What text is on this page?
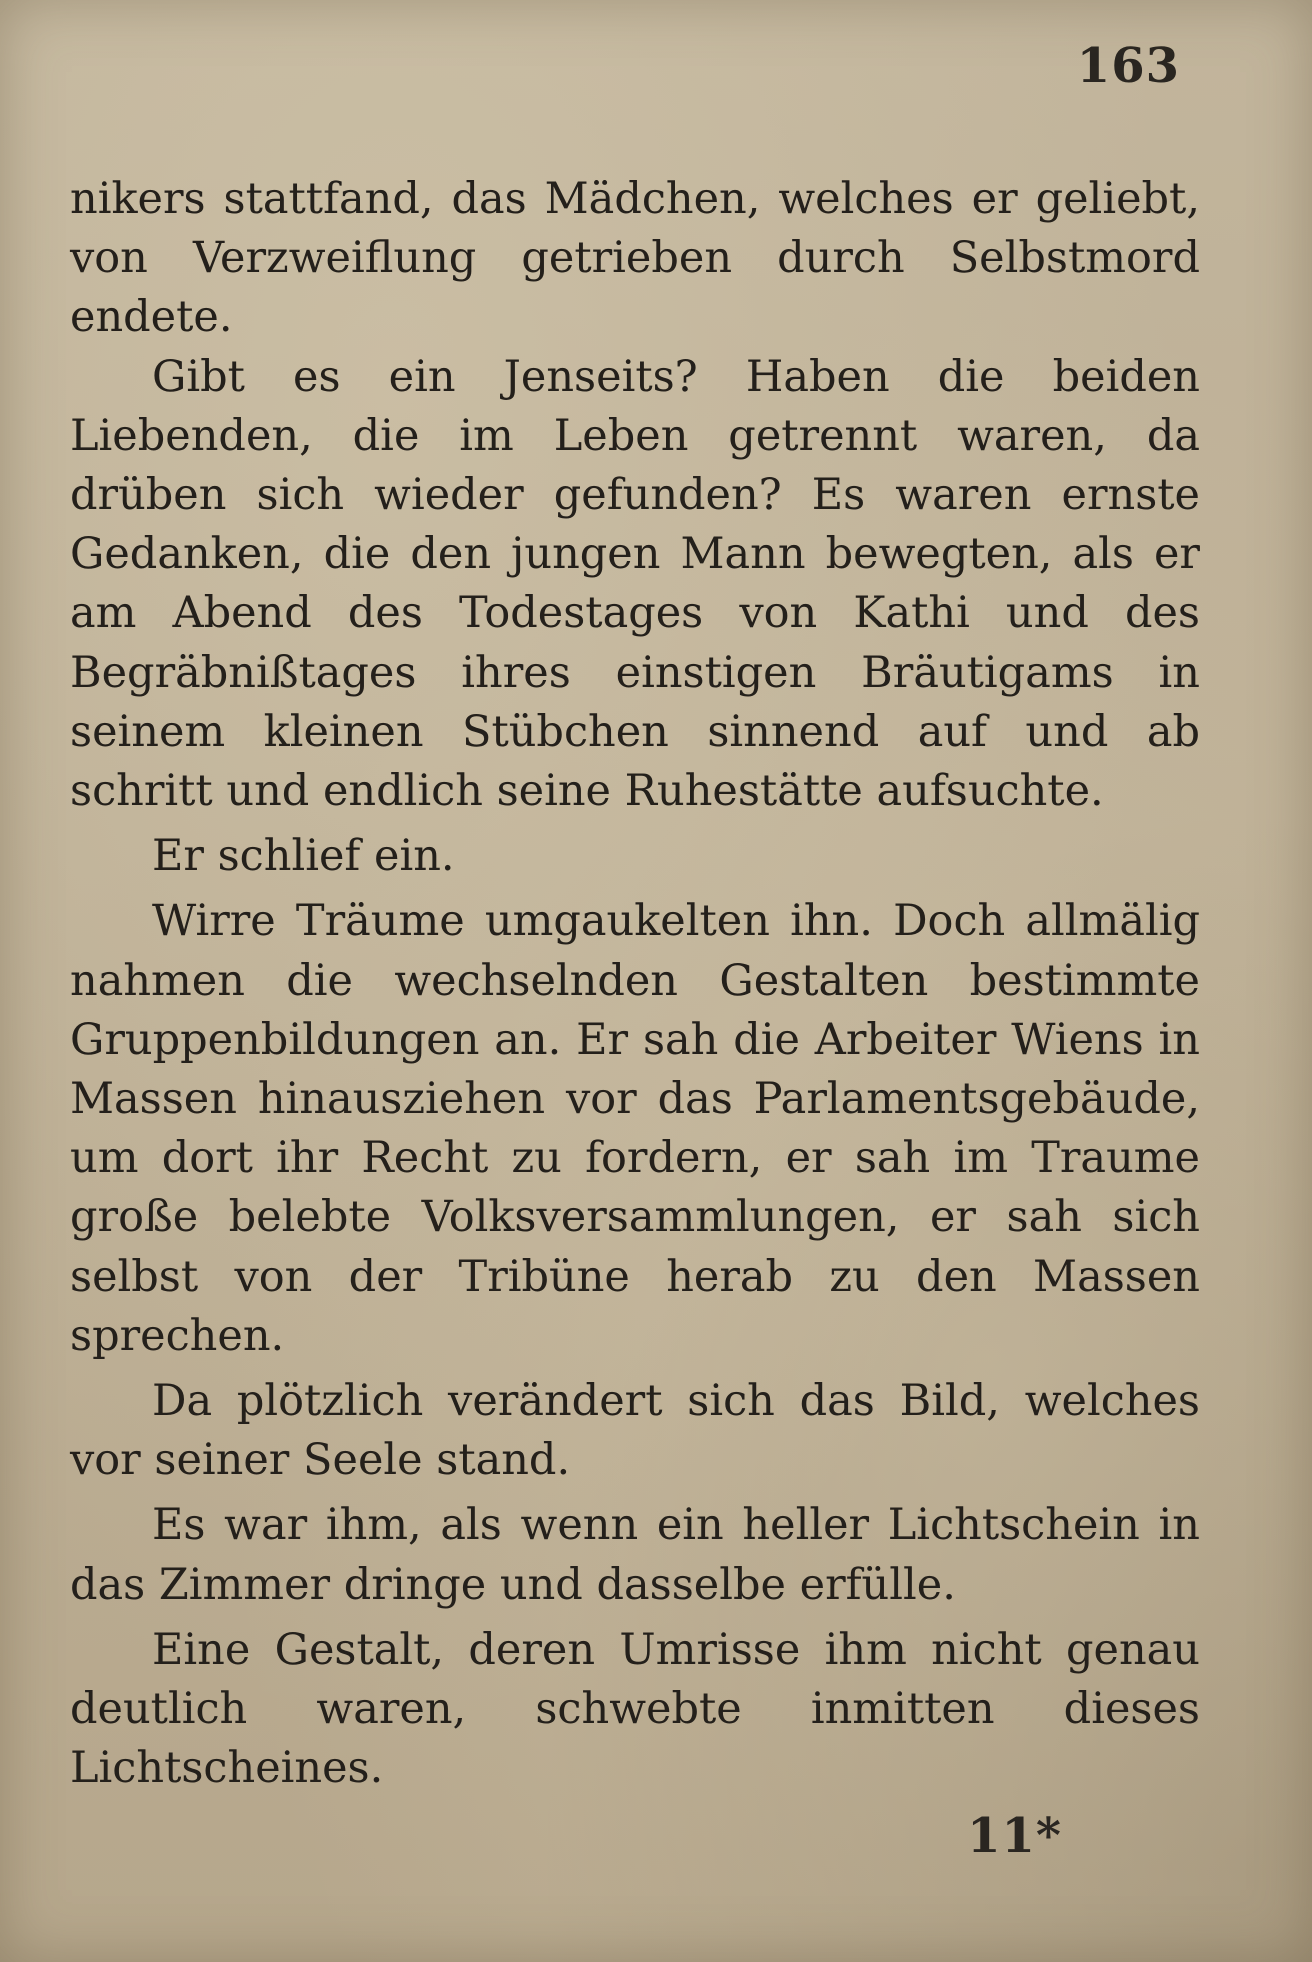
163

nikers stattfand, das Mädchen, welches er geliebt, von Verzweiflung getrieben durch Selbstmord endete.

Gibt es ein Jenseits? Haben die beiden Liebenden, die im Leben getrennt waren, da drüben sich wieder gefunden? Es waren ernste Gedanken, die den jungen Mann bewegten, als er am Abend des Todestages von Kathi und des Begräbnißtages ihres einstigen Bräutigams in seinem kleinen Stübchen sinnend auf und ab schritt und endlich seine Ruhestätte aufsuchte.

Er schlief ein.

Wirre Träume umgaukelten ihn. Doch allmälig nahmen die wechselnden Gestalten bestimmte Gruppenbildungen an. Er sah die Arbeiter Wiens in Massen hinausziehen vor das Parlamentsgebäude, um dort ihr Recht zu fordern, er sah im Traume große belebte Volksversammlungen, er sah sich selbst von der Tribüne herab zu den Massen sprechen.

Da plötzlich verändert sich das Bild, welches vor seiner Seele stand.

Es war ihm, als wenn ein heller Lichtschein in das Zimmer dringe und dasselbe erfülle.

Eine Gestalt, deren Umrisse ihm nicht genau deutlich waren, schwebte inmitten dieses Lichtscheines.

11*
